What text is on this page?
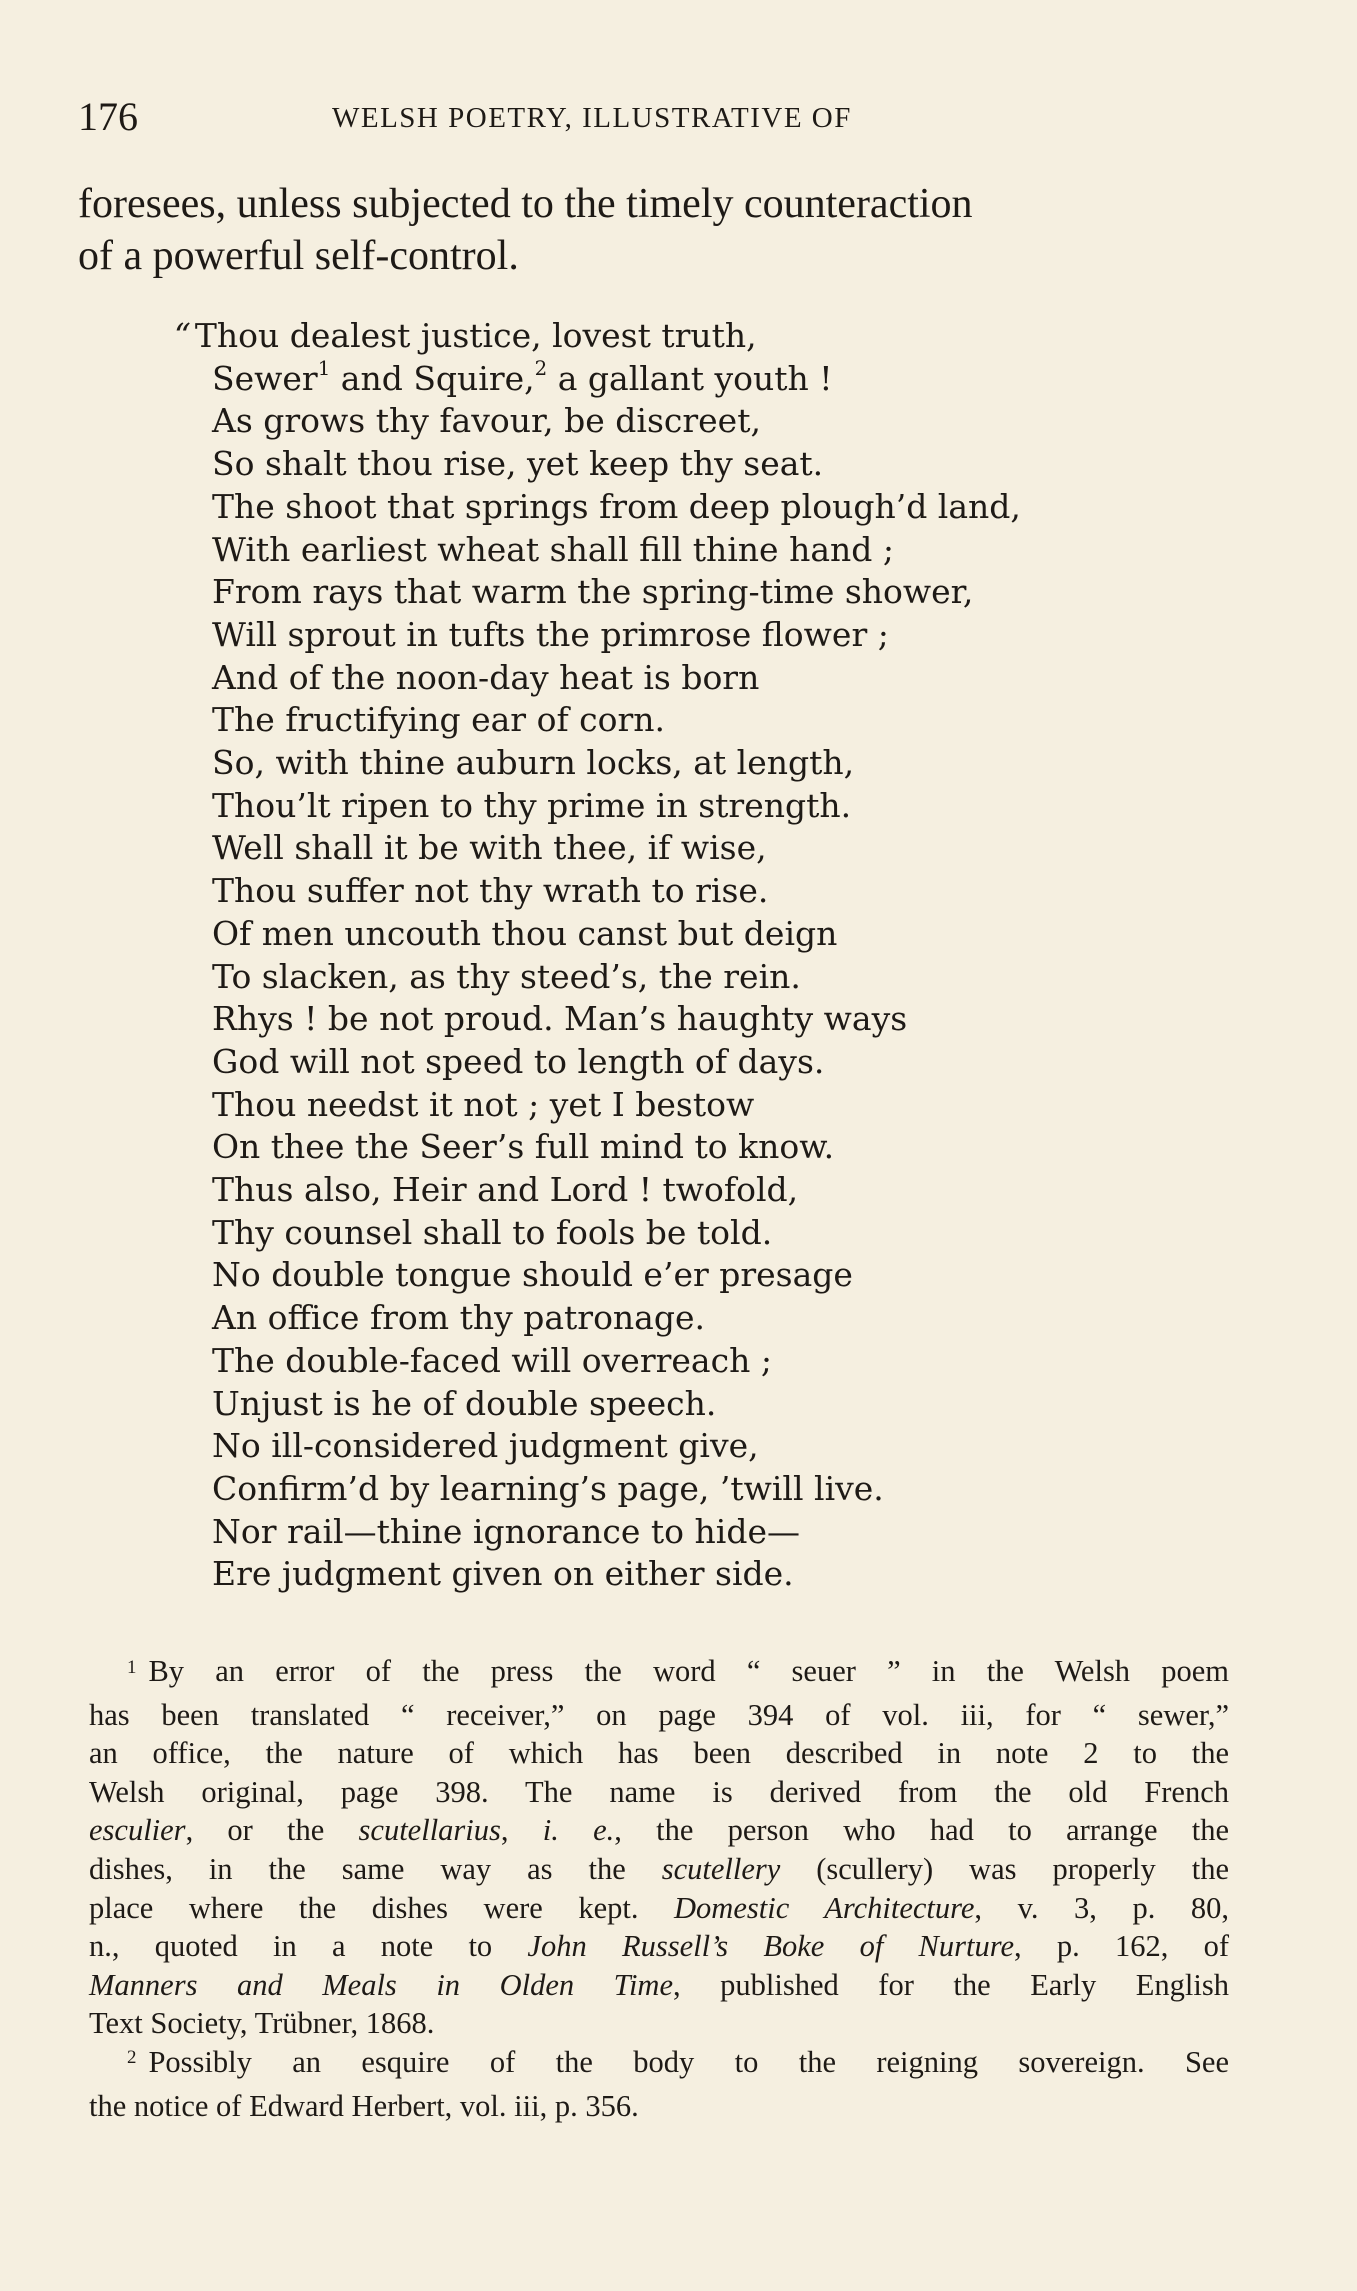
176	WELSH POETRY, ILLUSTRATIVE OF
foresees, unless subjected to the timely counteraction
of a powerful self-control.
“ Thou dealest justice, lovest truth,
Sewer$^1$ and Squire,$^2$ a gallant youth !
As grows thy favour, be discreet,
So shalt thou rise, yet keep thy seat.
The shoot that springs from deep plough’d land,
With earliest wheat shall fill thine hand ;
From rays that warm the spring-time shower,
Will sprout in tufts the primrose flower ;
And of the noon-day heat is born
The fructifying ear of corn.
So, with thine auburn locks, at length,
Thou’lt ripen to thy prime in strength.
Well shall it be with thee, if wise,
Thou suffer not thy wrath to rise.
Of men uncouth thou canst but deign
To slacken, as thy steed’s, the rein.
Rhys ! be not proud. Man’s haughty ways
God will not speed to length of days.
Thou needst it not ; yet I bestow
On thee the Seer’s full mind to know.
Thus also, Heir and Lord ! twofold,
Thy counsel shall to fools be told.
No double tongue should e’er presage
An office from thy patronage.
The double-faced will overreach ;
Unjust is he of double speech.
No ill-considered judgment give,
Confirm’d by learning’s page, ’twill live.
Nor rail—thine ignorance to hide—
Ere judgment given on either side.
$^1$ By an error of the press the word “ seuer ” in the Welsh poem
has been translated “ receiver,” on page 394 of vol. iii, for “ sewer,”
an office, the nature of which has been described in note 2 to the
Welsh original, page 398. The name is derived from the old French
esculier, or the scutellarius, i. e., the person who had to arrange the
dishes, in the same way as the scutellery (scullery) was properly the
place where the dishes were kept. Domestic Architecture, v. 3, p. 80,
n., quoted in a note to John Russell’s Boke of Nurture, p. 162, of
Manners and Meals in Olden Time, published for the Early English
Text Society, Trübner, 1868.
$^2$ Possibly an esquire of the body to the reigning sovereign. See
the notice of Edward Herbert, vol. iii, p. 356.
